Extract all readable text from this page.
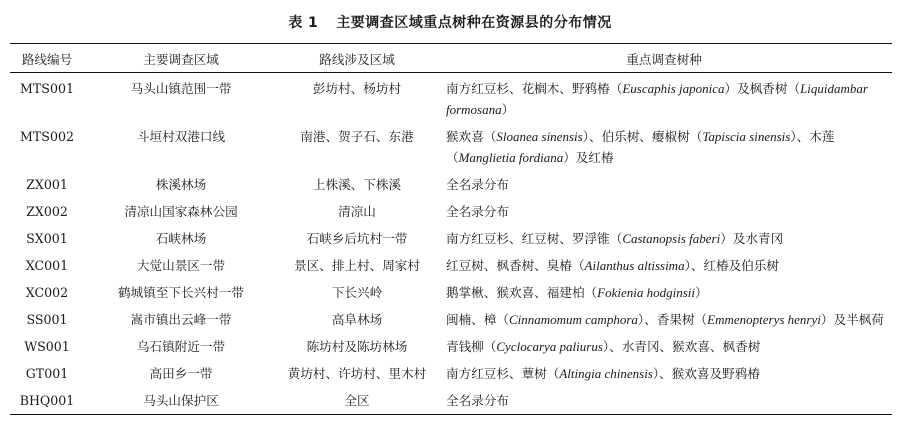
表 1 主要调查区域重点树种在资源县的分布情况
路线编号	主要调查区域	路线涉及区域	重点调查树种
MTS001	马头山镇范围一带	彭坊村、杨坊村	南方红豆杉、花榈木、野鸦椿（Euscaphis japonica）及枫香树（Liquidambar formosana）
MTS002	斗垣村双港口线	南港、贺子石、东港	猴欢喜（Sloanea sinensis）、伯乐树、瘿椒树（Tapiscia sinensis）、木莲（Manglietia fordiana）及红椿
ZX001	株溪林场	上株溪、下株溪	全名录分布
ZX002	清凉山国家森林公园	清凉山	全名录分布
SX001	石峡林场	石峡乡后坑村一带	南方红豆杉、红豆树、罗浮锥（Castanopsis faberi）及水青冈
XC001	大觉山景区一带	景区、排上村、周家村	红豆树、枫香树、臭椿（Ailanthus altissima）、红椿及伯乐树
XC002	鹤城镇至下长兴村一带	下长兴岭	鹅掌楸、猴欢喜、福建柏（Fokienia hodginsii）
SS001	嵩市镇出云峰一带	高阜林场	闽楠、樟（Cinnamomum camphora）、香果树（Emmenopterys henryi）及半枫荷
WS001	乌石镇附近一带	陈坊村及陈坊林场	青钱柳（Cyclocarya paliurus）、水青冈、猴欢喜、枫香树
GT001	高田乡一带	黄坊村、许坊村、里木村	南方红豆杉、蕈树（Altingia chinensis）、猴欢喜及野鸦椿
BHQ001	马头山保护区	全区	全名录分布
